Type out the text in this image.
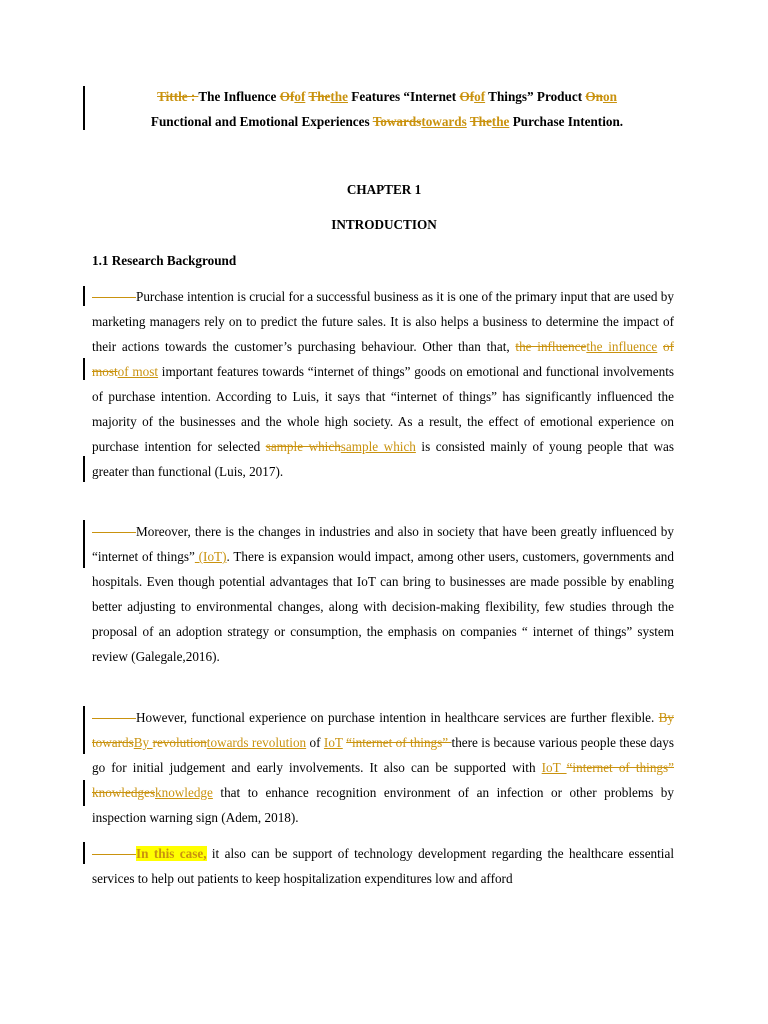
Tittle : The Influence Ofof Thethe Features “Internet Ofof Things” Product Onon
Functional and Emotional Experiences Towardstowards Thethe Purchase Intention.
CHAPTER 1
INTRODUCTION
1.1 Research Background
Purchase intention is crucial for a successful business as it is one of the primary input that are used by marketing managers rely on to predict the future sales. It is also helps a business to determine the impact of their actions towards the customer’s purchasing behaviour. Other than that, the influencethe influence of mostof most important features towards “internet of things” goods on emotional and functional involvements of purchase intention. According to Luis, it says that “internet of things” has significantly influenced the majority of the businesses and the whole high society. As a result, the effect of emotional experience on purchase intention for selected sample whichsample which is consisted mainly of young people that was greater than functional (Luis, 2017).
Moreover, there is the changes in industries and also in society that have been greatly influenced by “internet of things” (IoT). There is expansion would impact, among other users, customers, governments and hospitals. Even though potential advantages that IoT can bring to businesses are made possible by enabling better adjusting to environmental changes, along with decision-making flexibility, few studies through the proposal of an adoption strategy or consumption, the emphasis on companies “ internet of things” system review (Galegale,2016).
However, functional experience on purchase intention in healthcare services are further flexible. By towardsBy revolutiontowards revolution of IoT “internet of things” there is because various people these days go for initial judgement and early involvements. It also can be supported with IoT “internet of things” knowledgesknowledge that to enhance recognition environment of an infection or other problems by inspection warning sign (Adem, 2018).
In this case, it also can be support of technology development regarding the healthcare essential services to help out patients to keep hospitalization expenditures low and afford
